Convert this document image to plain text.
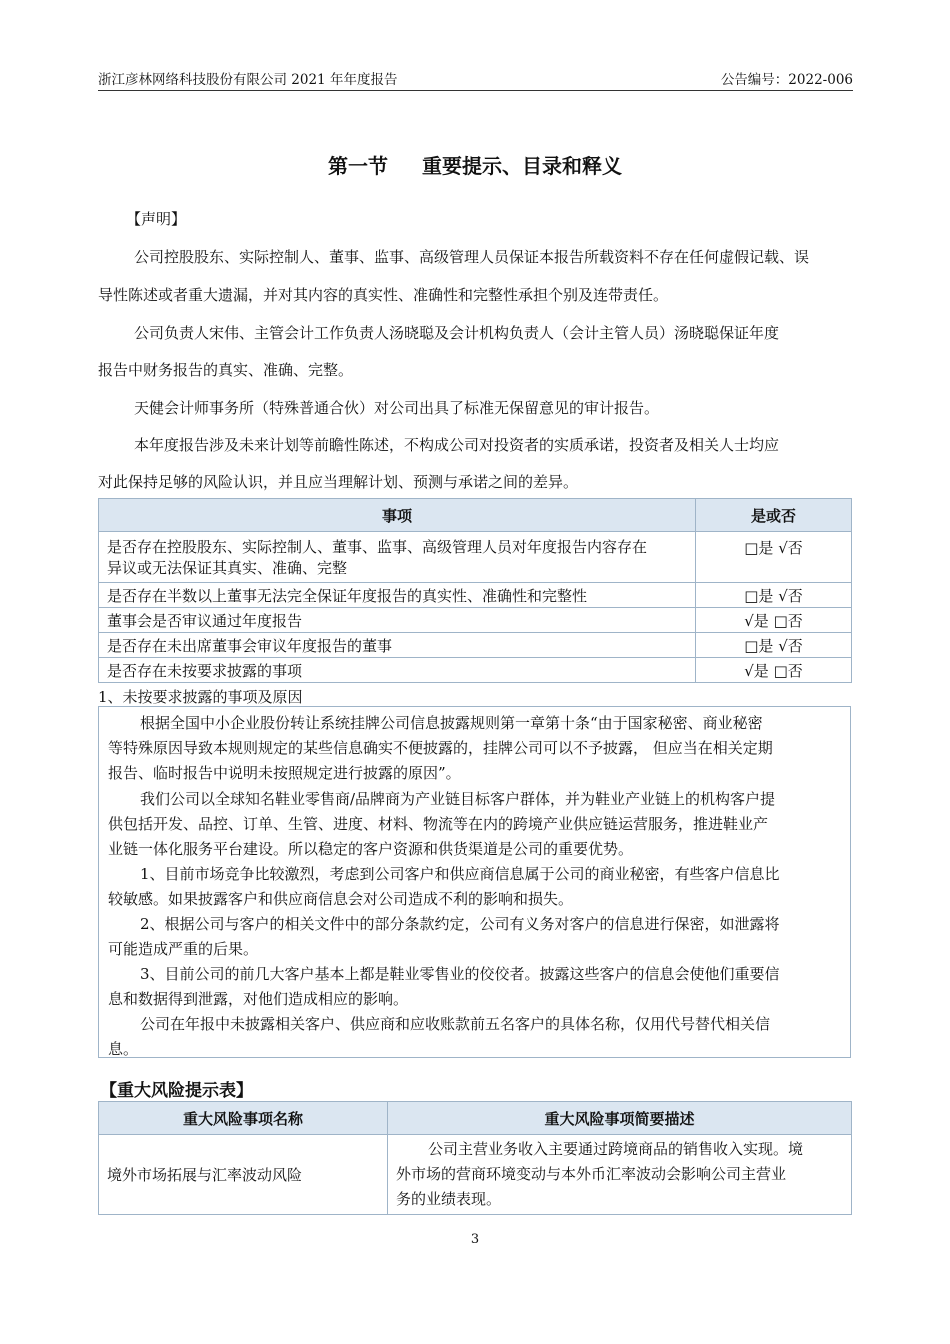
浙江彦林网络科技股份有限公司 2021 年年度报告	公告编号：2022-006
第一节 重要提示、目录和释义
【声明】
公司控股股东、实际控制人、董事、监事、高级管理人员保证本报告所载资料不存在任何虚假记载、误
导性陈述或者重大遗漏，并对其内容的真实性、准确性和完整性承担个别及连带责任。
公司负责人宋伟、主管会计工作负责人汤晓聪及会计机构负责人（会计主管人员）汤晓聪保证年度
报告中财务报告的真实、准确、完整。
天健会计师事务所（特殊普通合伙）对公司出具了标准无保留意见的审计报告。
本年度报告涉及未来计划等前瞻性陈述，不构成公司对投资者的实质承诺，投资者及相关人士均应
对此保持足够的风险认识，并且应当理解计划、预测与承诺之间的差异。
事项	是或否

是否存在控股股东、实际控制人、董事、监事、高级管理人员对年度报告内容存在
异议或无法保证其真实、准确、完整	□是 √否
是否存在半数以上董事无法完全保证年度报告的真实性、准确性和完整性	□是 √否
董事会是否审议通过年度报告	√是 □否
是否存在未出席董事会审议年度报告的董事	□是 √否
是否存在未按要求披露的事项	√是 □否
1、未按要求披露的事项及原因
根据全国中小企业股份转让系统挂牌公司信息披露规则第一章第十条“由于国家秘密、商业秘密
等特殊原因导致本规则规定的某些信息确实不便披露的，挂牌公司可以不予披露， 但应当在相关定期
报告、临时报告中说明未按照规定进行披露的原因”。
我们公司以全球知名鞋业零售商/品牌商为产业链目标客户群体，并为鞋业产业链上的机构客户提
供包括开发、品控、订单、生管、进度、材料、物流等在内的跨境产业供应链运营服务，推进鞋业产
业链一体化服务平台建设。所以稳定的客户资源和供货渠道是公司的重要优势。
1、目前市场竞争比较激烈，考虑到公司客户和供应商信息属于公司的商业秘密，有些客户信息比
较敏感。如果披露客户和供应商信息会对公司造成不利的影响和损失。
2、根据公司与客户的相关文件中的部分条款约定，公司有义务对客户的信息进行保密，如泄露将
可能造成严重的后果。
3、目前公司的前几大客户基本上都是鞋业零售业的佼佼者。披露这些客户的信息会使他们重要信
息和数据得到泄露，对他们造成相应的影响。
公司在年报中未披露相关客户、供应商和应收账款前五名客户的具体名称，仅用代号替代相关信
息。
【重大风险提示表】
重大风险事项名称	重大风险事项简要描述
境外市场拓展与汇率波动风险	公司主营业务收入主要通过跨境商品的销售收入实现。境
外市场的营商环境变动与本外币汇率波动会影响公司主营业
务的业绩表现。
3
